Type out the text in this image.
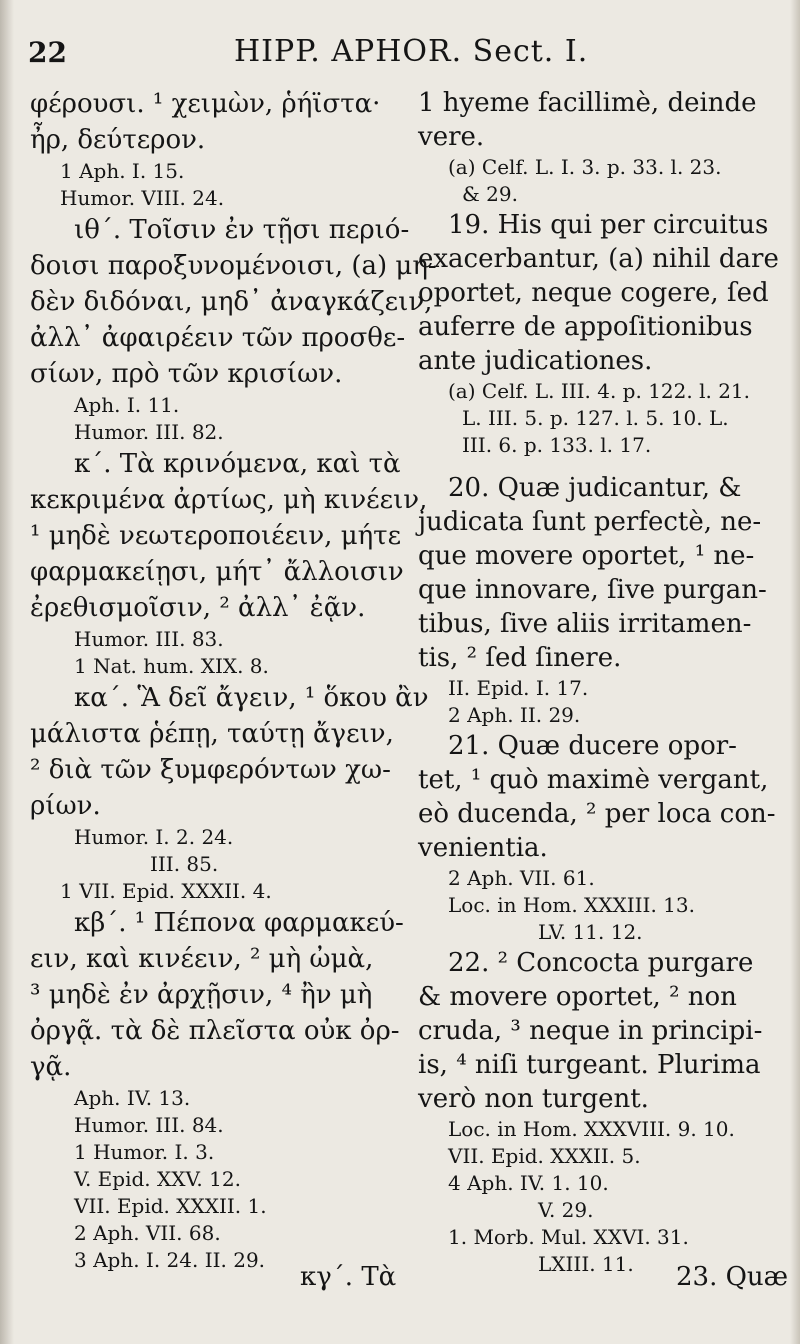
22	HIPP. APHOR. Sect. I.
φέρουσι. ¹ χειμὼν, ῥήϊστα·
ἦρ, δεύτερον.
1 Aph. I. 15.
Humor. VIII. 24.
ιθ΄. Τοῖσιν ἐν τῇσι περιό-
δοισι παροξυνομένοισι, (a) μη-
δὲν διδόναι, μηδ᾽ ἀναγκάζειν,
ἀλλ᾽ ἀφαιρέειν τῶν προσθε-
σίων, πρὸ τῶν κρισίων.
Aph. I. 11.
Humor. III. 82.
κ΄. Τὰ κρινόμενα, καὶ τὰ
κεκριμένα ἀρτίως, μὴ κινέειν,
¹ μηδὲ νεωτεροποιέειν, μήτε
φαρμακείῃσι, μήτ᾽ ἄλλοισιν
ἐρεθισμοῖσιν, ² ἀλλ᾽ ἐᾷν.
Humor. III. 83.
1 Nat. hum. XIX. 8.
κα΄. Ἃ δεῖ ἄγειν, ¹ ὅκου ἂν
μάλιστα ῥέπῃ, ταύτῃ ἄγειν,
² διὰ τῶν ξυμφερόντων χω-
ρίων.
Humor. I. 2. 24.
III. 85.
1 VII. Epid. XXXII. 4.
κβ΄. ¹ Πέπονα φαρμακεύ-
ειν, καὶ κινέειν, ² μὴ ὠμὰ,
³ μηδὲ ἐν ἀρχῇσιν, ⁴ ἢν μὴ
ὀργᾷ. τὰ δὲ πλεῖστα οὐκ ὀρ-
γᾷ.
Aph. IV. 13.
Humor. III. 84.
1 Humor. I. 3.
V. Epid. XXV. 12.
VII. Epid. XXXII. 1.
2 Aph. VII. 68.
3 Aph. I. 24. II. 29.
1 hyeme facillimè, deinde
vere.
(a) Celf. L. I. 3. p. 33. l. 23.
& 29.
19. His qui per circuitus
exacerbantur, (a) nihil dare
oportet, neque cogere, ſed
auferre de appoſitionibus
ante judicationes.
(a) Celf. L. III. 4. p. 122. l. 21.
L. III. 5. p. 127. l. 5. 10. L.
III. 6. p. 133. l. 17.
20. Quæ judicantur, &
judicata ſunt perfectè, ne-
que movere oportet, ¹ ne-
que innovare, ſive purgan-
tibus, ſive aliis irritamen-
tis, ² ſed ſinere.
II. Epid. I. 17.
2 Aph. II. 29.
21. Quæ ducere opor-
tet, ¹ quò maximè vergant,
eò ducenda, ² per loca con-
venientia.
2 Aph. VII. 61.
Loc. in Hom. XXXIII. 13.
LV. 11. 12.
22. ² Concocta purgare
& movere oportet, ² non
cruda, ³ neque in principi-
is, ⁴ niſi turgeant. Plurima
verò non turgent.
Loc. in Hom. XXXVIII. 9. 10.
VII. Epid. XXXII. 5.
4 Aph. IV. 1. 10.
V. 29.
1. Morb. Mul. XXVI. 31.
LXIII. 11.
κγ΄. Τὰ	23. Quæ
